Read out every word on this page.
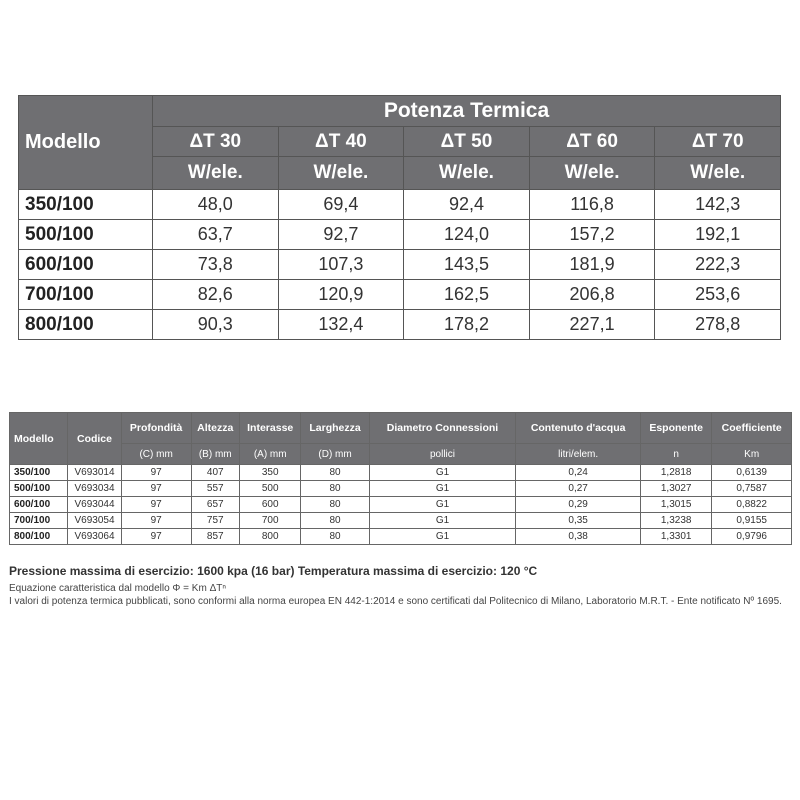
Modello	Potenza Termica				
	ΔT 30	ΔT 40	ΔT 50	ΔT 60	ΔT 70
	W/ele.	W/ele.	W/ele.	W/ele.	W/ele.
350/100	48,0	69,4	92,4	116,8	142,3
500/100	63,7	92,7	124,0	157,2	192,1
600/100	73,8	107,3	143,5	181,9	222,3
700/100	82,6	120,9	162,5	206,8	253,6
800/100	90,3	132,4	178,2	227,1	278,8
Modello	Codice	Profondità	Altezza	Interasse	Larghezza	Diametro Connessioni	Contenuto d'acqua	Esponente	Coefficiente
		(C) mm	(B) mm	(A) mm	(D) mm	pollici	litri/elem.	n	Km
350/100	V693014	97	407	350	80	G1	0,24	1,2818	0,6139
500/100	V693034	97	557	500	80	G1	0,27	1,3027	0,7587
600/100	V693044	97	657	600	80	G1	0,29	1,3015	0,8822
700/100	V693054	97	757	700	80	G1	0,35	1,3238	0,9155
800/100	V693064	97	857	800	80	G1	0,38	1,3301	0,9796

Pressione massima di esercizio: 1600 kpa (16 bar) Temperatura massima di esercizio: 120 °C

Equazione caratteristica dal modello Φ = Km ΔTⁿ

I valori di potenza termica pubblicati, sono conformi alla norma europea EN 442-1:2014 e sono certificati dal Politecnico di Milano, Laboratorio M.R.T. - Ente notificato Nº 1695.
